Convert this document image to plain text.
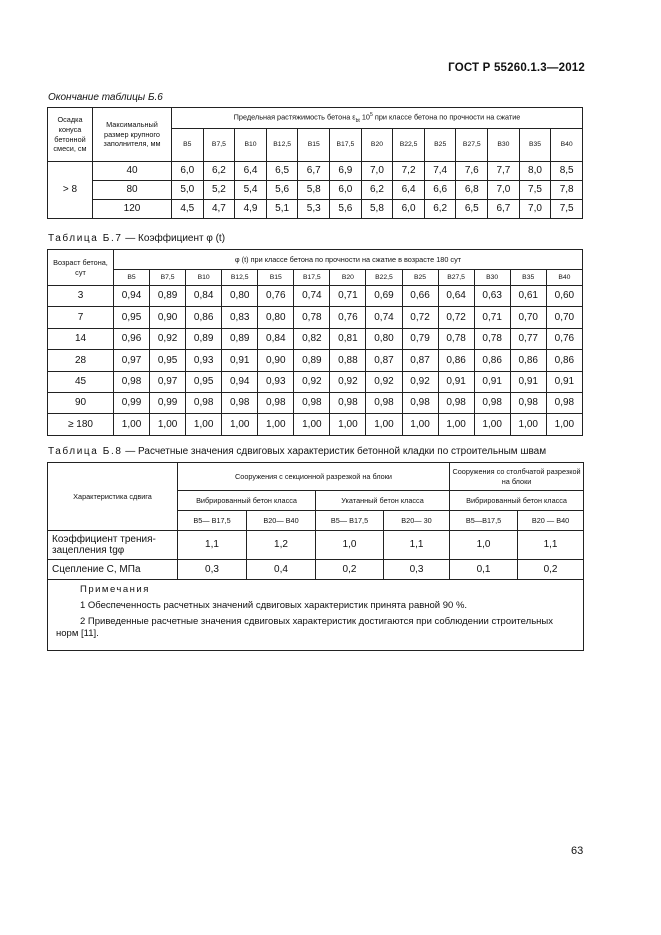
ГОСТ Р 55260.1.3—2012
Окончание таблицы Б.6
Осадка конуса бетонной смеси, см	Максимальный размер крупного заполнителя, мм	Предельная растяжимость бетона $\varepsilon_{bt}$ $10^5$ при классе бетона по прочности на сжатие												
		B5	B7,5	B10	B12,5	B15	B17,5	B20	B22,5	B25	B27,5	B30	B35	B40
> 8	40	6,0	6,2	6,4	6,5	6,7	6,9	7,0	7,2	7,4	7,6	7,7	8,0	8,5
	80	5,0	5,2	5,4	5,6	5,8	6,0	6,2	6,4	6,6	6,8	7,0	7,5	7,8
	120	4,5	4,7	4,9	5,1	5,3	5,6	5,8	6,0	6,2	6,5	6,7	7,0	7,5
Таблица Б.7 — Коэффициент φ (t)
Возраст бетона, сут	φ (t) при классе бетона по прочности на сжатие в возрасте 180 сут												
	B5	B7,5	B10	B12,5	B15	B17,5	B20	B22,5	B25	B27,5	B30	B35	B40
3	0,94	0,89	0,84	0,80	0,76	0,74	0,71	0,69	0,66	0,64	0,63	0,61	0,60
7	0,95	0,90	0,86	0,83	0,80	0,78	0,76	0,74	0,72	0,72	0,71	0,70	0,70
14	0,96	0,92	0,89	0,89	0,84	0,82	0,81	0,80	0,79	0,78	0,78	0,77	0,76
28	0,97	0,95	0,93	0,91	0,90	0,89	0,88	0,87	0,87	0,86	0,86	0,86	0,86
45	0,98	0,97	0,95	0,94	0,93	0,92	0,92	0,92	0,92	0,91	0,91	0,91	0,91
90	0,99	0,99	0,98	0,98	0,98	0,98	0,98	0,98	0,98	0,98	0,98	0,98	0,98
≥ 180	1,00	1,00	1,00	1,00	1,00	1,00	1,00	1,00	1,00	1,00	1,00	1,00	1,00
Таблица Б.8 — Расчетные значения сдвиговых характеристик бетонной кладки по строительным швам
Характеристика сдвига	Сооружения с секционной разрезкой на блоки				Сооружения со столбчатой разрезкой на блоки	
	Вибрированный бетон класса		Укатанный бетон класса		Вибрированный бетон класса	
	B5— B17,5	B20— B40	B5— B17,5	B20— 30	B5—B17,5	B20 — B40
Коэффициент трения-зацепления tgφ	1,1	1,2	1,0	1,1	1,0	1,1
Сцепление С, МПа	0,3	0,4	0,2	0,3	0,1	0,2

Примечания

1 Обеспеченность расчетных значений сдвиговых характеристик принята равной 90 %.

2 Приведенные расчетные значения сдвиговых характеристик достигаются при соблюдении строительных норм [11].						

63
